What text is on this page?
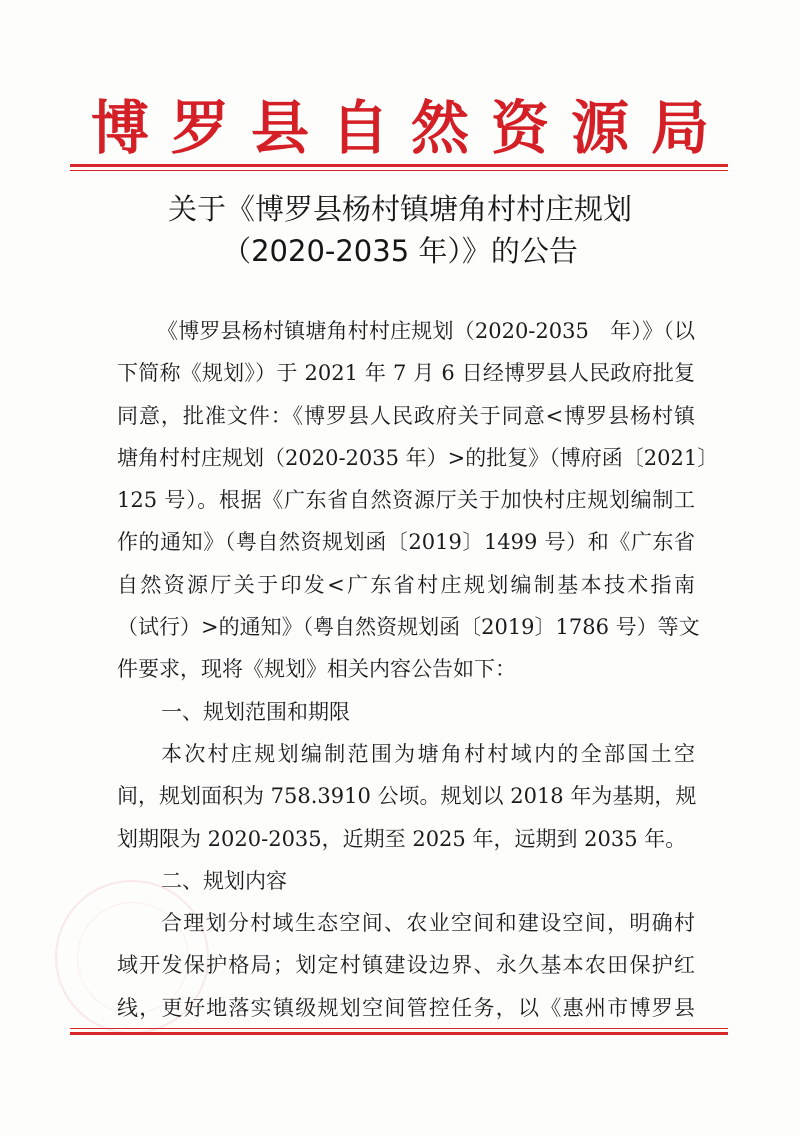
博罗县自然资源局
关于《博罗县杨村镇塘角村村庄规划
（2020-2035 年）》的公告
《博罗县杨村镇塘角村村庄规划（2020-2035　年）》（以
下简称《规划》）于 2021 年 7 月 6 日经博罗县人民政府批复
同意，批准文件：《博罗县人民政府关于同意<博罗县杨村镇
塘角村村庄规划（2020-2035 年）>的批复》（博府函〔2021〕
125 号）。根据《广东省自然资源厅关于加快村庄规划编制工
作的通知》（粤自然资规划函〔2019〕1499 号）和《广东省
自然资源厅关于印发<广东省村庄规划编制基本技术指南
（试行）>的通知》（粤自然资规划函〔2019〕1786 号）等文
件要求，现将《规划》相关内容公告如下：
一、规划范围和期限
本次村庄规划编制范围为塘角村村域内的全部国土空
间，规划面积为 758.3910 公顷。规划以 2018 年为基期，规
划期限为 2020-2035，近期至 2025 年，远期到 2035 年。
二、规划内容
合理划分村域生态空间、农业空间和建设空间，明确村
域开发保护格局；划定村镇建设边界、永久基本农田保护红
线，更好地落实镇级规划空间管控任务，以《惠州市博罗县
